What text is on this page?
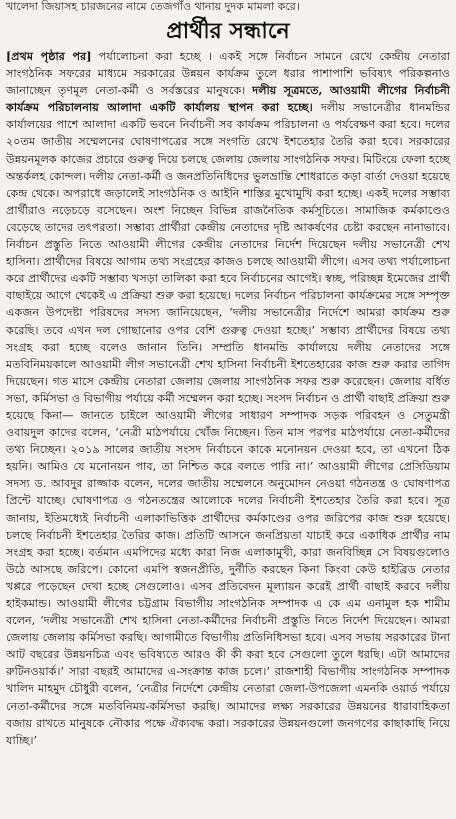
খালেদা জিয়াসহ চারজনের নামে তেজগাঁও থানায় দুদক মামলা করে।
প্রার্থীর সন্ধানে

[প্রথম পৃষ্ঠার পর] পর্যালোচনা করা হচ্ছে । একই সঙ্গে নির্বাচন সামনে রেখে কেন্দ্রীয় নেতারা সাংগঠনিক সফরের মাধ্যমে সরকারের উন্নয়ন কার্যক্রম তুলে ধরার পাশাপাশি ভবিষ্যৎ পরিকল্পনাও জানাচ্ছেন তৃণমূল নেতা-কর্মী ও সর্বস্তরের মানুষকে। দলীয় সূত্রমতে, আওয়ামী লীগের নির্বাচনী কার্যক্রম পরিচালনায় আলাদা একটি কার্যালয় স্থাপন করা হচ্ছে। দলীয় সভানেত্রীর ধানমন্ডির কার্যালয়ের পাশে আলাদা একটি ভবনে নির্বাচনী সব কার্যক্রম পরিচালনা ও পর্যবেক্ষণ করা হবে। দলের ২০তম জাতীয় সম্মেলনের ঘোষণাপত্রের সঙ্গে সংগতি রেখে ইশতেহার তৈরি করা হবে। সরকারের উন্নয়নমূলক কাজের প্রচারে গুরুত্ব দিয়ে চলছে জেলায় জেলায় সাংগঠনিক সফর। মিটিংয়ে ফেলা হচ্ছে অন্তর্কলহ কোন্দল। দলীয় নেতা-কর্মী ও জনপ্রতিনিধিদের ভুলভ্রান্তি শোধরাতে কড়া বার্তা দেওয়া হয়েছে কেন্দ্র থেকে। অপরাধে জড়ালেই সাংগঠনিক ও আইনি শাস্তির মুখোমুখি করা হচ্ছে। একই দলের সম্ভাব্য প্রার্থীরাও নড়েচড়ে বসেছেন। অংশ নিচ্ছেন বিভিন্ন রাজনৈতিক কর্মসূচিতে। সামাজিক কর্মকাণ্ডেও বেড়েছে তাদের তৎপরতা। সম্ভাব্য প্রার্থীরা কেন্দ্রীয় নেতাদের দৃষ্টি আকর্ষণের চেষ্টা করছেন নানাভাবে। নির্বাচন প্রস্তুতি নিতে আওয়ামী লীগের কেন্দ্রীয় নেতাদের নির্দেশ দিয়েছেন দলীয় সভানেত্রী শেখ হাসিনা। প্রার্থীদের বিষয়ে আগাম তথ্য সংগ্রহের কাজও চলছে আওয়ামী লীগে। এসব তথ্য পর্যালোচনা করে প্রার্থীদের একটি সম্ভাব্য খসড়া তালিকা করা হবে নির্বাচনের আগেই। স্বচ্ছ, পরিচ্ছন্ন ইমেজের প্রার্থী বাছাইয়ে আগে থেকেই এ প্রক্রিয়া শুরু করা হয়েছে। দলের নির্বাচন পরিচালনা কার্যক্রমের সঙ্গে সম্পৃক্ত একজন উপদেষ্টা পরিষদের সদস্য জানিয়েছেন, ‘দলীয় সভানেত্রীর নির্দেশে আমরা কার্যক্রম শুরু করেছি। তবে এখন দল গোছানোর ওপর বেশি গুরুত্ব দেওয়া হচ্ছে।’ সম্ভাব্য প্রার্থীদের বিষয়ে তথ্য সংগ্রহ করা হচ্ছে বলেও জানান তিনি। সম্প্রতি ধানমন্ডি কার্যালয়ে দলীয় নেতাদের সঙ্গে মতবিনিময়কালে আওয়ামী লীগ সভানেত্রী শেখ হাসিনা নির্বাচনী ইশতেহারের কাজ শুরু করার তাগিদ দিয়েছেন। গত মাসে কেন্দ্রীয় নেতারা জেলায় জেলায় সাংগঠনিক সফর শুরু করেছেন। জেলায় বর্ধিত সভা, কর্মিসভা ও বিভাগীয় পর্যায়ে কর্মী সম্মেলন করা হচ্ছে। সংসদ নির্বাচন ও প্রার্থী বাছাই প্রক্রিয়া শুরু হয়েছে কিনা— জানতে চাইলে আওয়ামী লীগের সাধারণ সম্পাদক সড়ক পরিবহন ও সেতুমন্ত্রী ওবায়দুল কাদের বলেন, ‘নেত্রী মাঠপর্যায়ে খোঁজ নিচ্ছেন। তিন মাস পরপর মাঠপর্যায়ে নেতা-কর্মীদের তথ্য নিচ্ছেন। ২০১৯ সালের জাতীয় সংসদ নির্বাচনে কাকে মনোনয়ন দেওয়া হবে, তা এখনো ঠিক হয়নি। আমিও যে মনোনয়ন পাব, তা নিশ্চিত করে বলতে পারি না।’ আওয়ামী লীগের প্রেসিডিয়াম সদস্য ড. আবদুর রাজ্জাক বলেন, দলের জাতীয় সম্মেলনে অনুমোদন নেওয়া গঠনতন্ত্র ও ঘোষণাপত্র প্রিন্টে যাচ্ছে। ঘোষণাপত্র ও গঠনতন্ত্রের আলোকে দলের নির্বাচনী ইশতেহার তৈরি করা হবে। সূত্র জানায়, ইতিমধ্যেই নির্বাচনী এলাকাভিত্তিক প্রার্থীদের কর্মকাণ্ডের ওপর জরিপের কাজ শুরু হয়েছে। চলছে নির্বাচনী ইশতেহার তৈরির কাজ। প্রতিটি আসনে জনপ্রিয়তা যাচাই করে একাধিক প্রার্থীর নাম সংগ্রহ করা হচ্ছে। বর্তমান এমপিদের মধ্যে কারা নিজ এলাকামুখী, কারা জনবিচ্ছিন্ন সে বিষয়গুলোও উঠে আসছে জরিপে। কোনো এমপি স্বজনপ্রীতি, দুর্নীতি করছেন কিনা কিংবা কেউ হাইব্রিড নেতার খপ্পরে পড়েছেন দেখা হচ্ছে সেগুলোও। এসব প্রতিবেদন মূল্যায়ন করেই প্রার্থী বাছাই করবে দলীয় হাইকমান্ড। আওয়ামী লীগের চট্টগ্রাম বিভাগীয় সাংগঠনিক সম্পাদক এ কে এম এনামুল হক শামীম বলেন, ‘দলীয় সভানেত্রী শেখ হাসিনা নেতা-কর্মীদের নির্বাচনী প্রস্তুতি নিতে নির্দেশ দিয়েছেন। আমরা জেলায় জেলায় কর্মিসভা করছি। আগামীতে বিভাগীয় প্রতিনিধিসভা হবে। এসব সভায় সরকারের টানা আট বছরের উন্নয়নচিত্র এবং ভবিষ্যতে আরও কী কী করা হবে সেগুলো তুলে ধরছি। এটা আমাদের রুটিনওয়ার্ক।’ সারা বছরই আমাদের এ-সংক্রান্ত কাজ চলে।’ রাজশাহী বিভাগীয় সাংগঠনিক সম্পাদক খালিদ মাহমুদ চৌধুরী বলেন, ‘নেত্রীর নির্দেশে কেন্দ্রীয় নেতারা জেলা-উপজেলা এমনকি ওয়ার্ড পর্যায়ে নেতা-কর্মীদের সঙ্গে মতবিনিময়-কর্মিসভা করছি। আমাদের লক্ষ্য সরকারের উন্নয়নের ধারাবাহিকতা বজায় রাখতে মানুষকে নৌকার পক্ষে ঐক্যবদ্ধ করা। সরকারের উন্নয়নগুলো জনগণের কাছাকাছি নিয়ে যাচ্ছি।’
